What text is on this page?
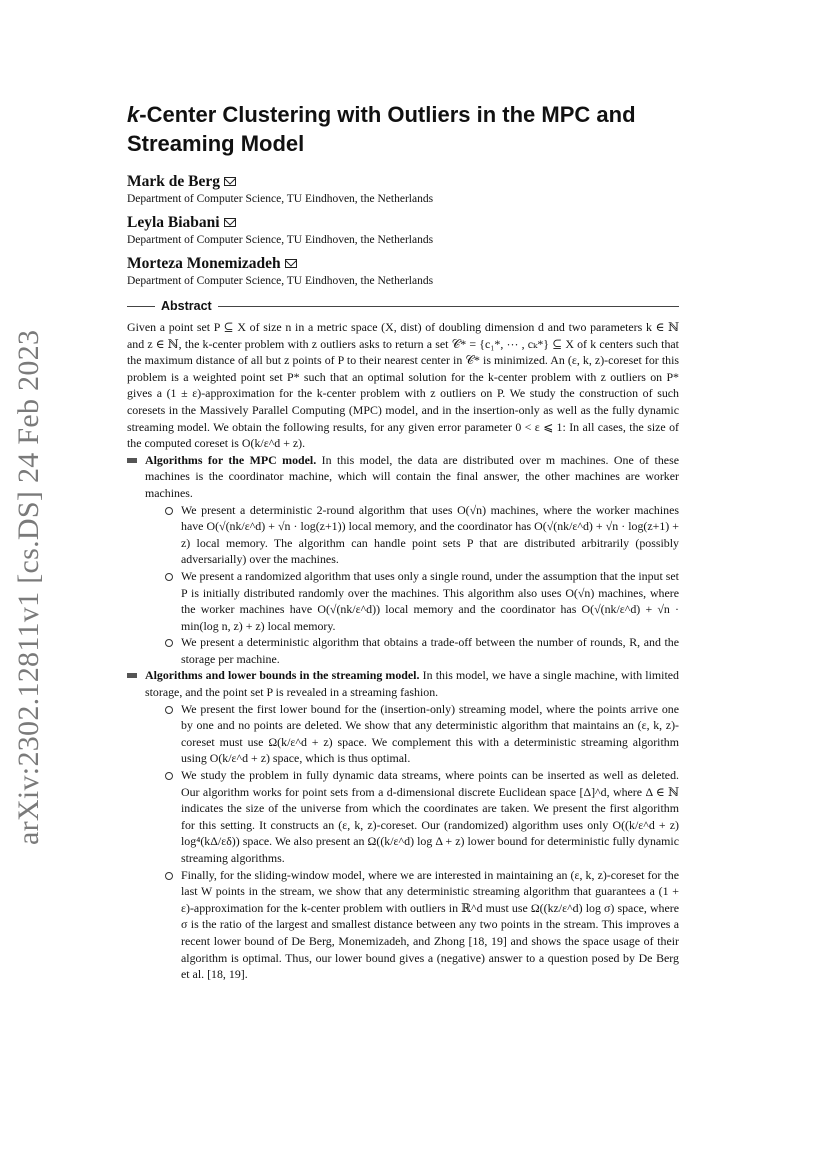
arXiv:2302.12811v1 [cs.DS] 24 Feb 2023
k-Center Clustering with Outliers in the MPC and Streaming Model
Mark de Berg
Department of Computer Science, TU Eindhoven, the Netherlands
Leyla Biabani
Department of Computer Science, TU Eindhoven, the Netherlands
Morteza Monemizadeh
Department of Computer Science, TU Eindhoven, the Netherlands
Abstract

Given a point set P ⊆ X of size n in a metric space (X, dist) of doubling dimension d and two parameters k ∈ ℕ and z ∈ ℕ, the k-center problem with z outliers asks to return a set 𝒞* = {c₁*, ⋯ , cₖ*} ⊆ X of k centers such that the maximum distance of all but z points of P to their nearest center in 𝒞* is minimized. An (ε, k, z)-coreset for this problem is a weighted point set P* such that an optimal solution for the k-center problem with z outliers on P* gives a (1 ± ε)-approximation for the k-center problem with z outliers on P. We study the construction of such coresets in the Massively Parallel Computing (MPC) model, and in the insertion-only as well as the fully dynamic streaming model. We obtain the following results, for any given error parameter 0 < ε ⩽ 1: In all cases, the size of the computed coreset is O(k/ε^d + z).

Algorithms for the MPC model. In this model, the data are distributed over m machines. One of these machines is the coordinator machine, which will contain the final answer, the other machines are worker machines.
We present a deterministic 2-round algorithm that uses O(√n) machines, where the worker machines have O(√(nk/ε^d) + √n · log(z+1)) local memory, and the coordinator has O(√(nk/ε^d) + √n · log(z+1) + z) local memory. The algorithm can handle point sets P that are distributed arbitrarily (possibly adversarially) over the machines.
We present a randomized algorithm that uses only a single round, under the assumption that the input set P is initially distributed randomly over the machines. This algorithm also uses O(√n) machines, where the worker machines have O(√(nk/ε^d)) local memory and the coordinator has O(√(nk/ε^d) + √n · min(log n, z) + z) local memory.
We present a deterministic algorithm that obtains a trade-off between the number of rounds, R, and the storage per machine.
Algorithms and lower bounds in the streaming model. In this model, we have a single machine, with limited storage, and the point set P is revealed in a streaming fashion.
We present the first lower bound for the (insertion-only) streaming model, where the points arrive one by one and no points are deleted. We show that any deterministic algorithm that maintains an (ε, k, z)-coreset must use Ω(k/ε^d + z) space. We complement this with a deterministic streaming algorithm using O(k/ε^d + z) space, which is thus optimal.
We study the problem in fully dynamic data streams, where points can be inserted as well as deleted. Our algorithm works for point sets from a d-dimensional discrete Euclidean space [Δ]^d, where Δ ∈ ℕ indicates the size of the universe from which the coordinates are taken. We present the first algorithm for this setting. It constructs an (ε, k, z)-coreset. Our (randomized) algorithm uses only O((k/ε^d + z) log⁴(kΔ/εδ)) space. We also present an Ω((k/ε^d) log Δ + z) lower bound for deterministic fully dynamic streaming algorithms.
Finally, for the sliding-window model, where we are interested in maintaining an (ε, k, z)-coreset for the last W points in the stream, we show that any deterministic streaming algorithm that guarantees a (1 + ε)-approximation for the k-center problem with outliers in ℝ^d must use Ω((kz/ε^d) log σ) space, where σ is the ratio of the largest and smallest distance between any two points in the stream. This improves a recent lower bound of De Berg, Monemizadeh, and Zhong [18, 19] and shows the space usage of their algorithm is optimal. Thus, our lower bound gives a (negative) answer to a question posed by De Berg et al. [18, 19].
